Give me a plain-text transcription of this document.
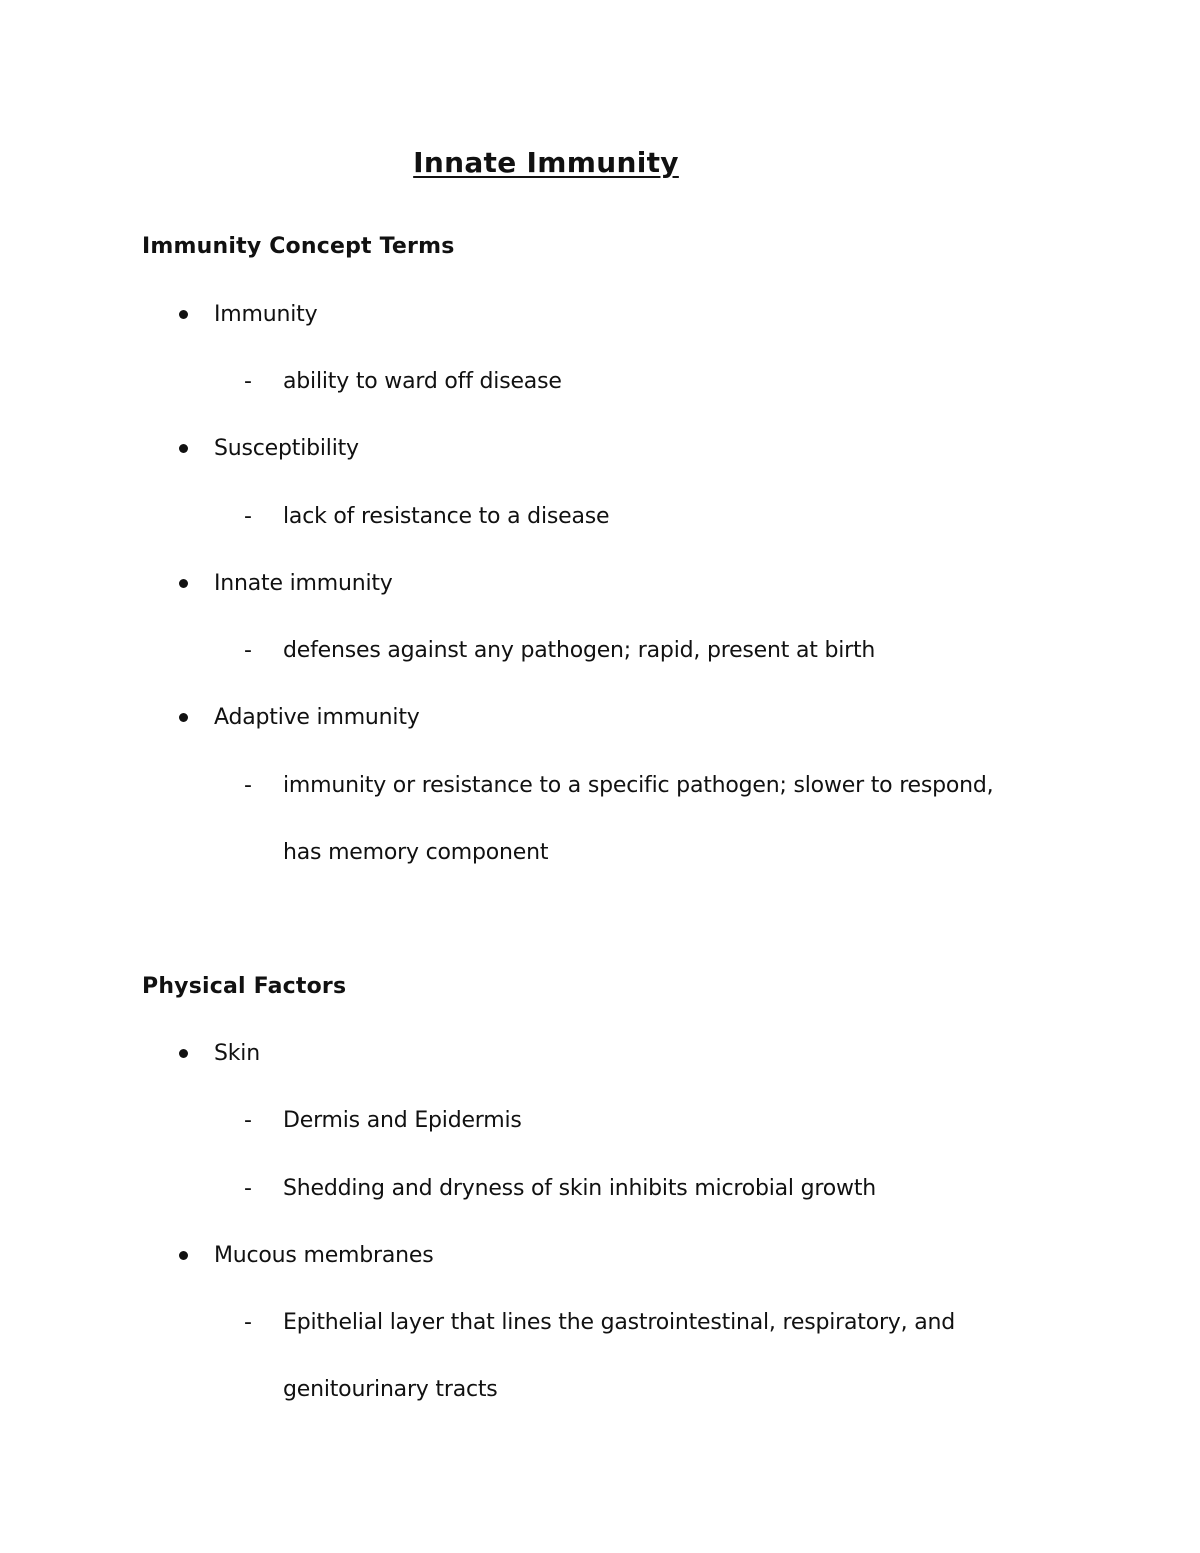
Innate Immunity
Immunity Concept Terms
Immunity
-	ability to ward off disease
Susceptibility
-	lack of resistance to a disease
Innate immunity
-	defenses against any pathogen; rapid, present at birth
Adaptive immunity
-	immunity or resistance to a specific pathogen; slower to respond,
has memory component
Physical Factors
Skin
-	Dermis and Epidermis
-	Shedding and dryness of skin inhibits microbial growth
Mucous membranes
-	Epithelial layer that lines the gastrointestinal, respiratory, and
genitourinary tracts
